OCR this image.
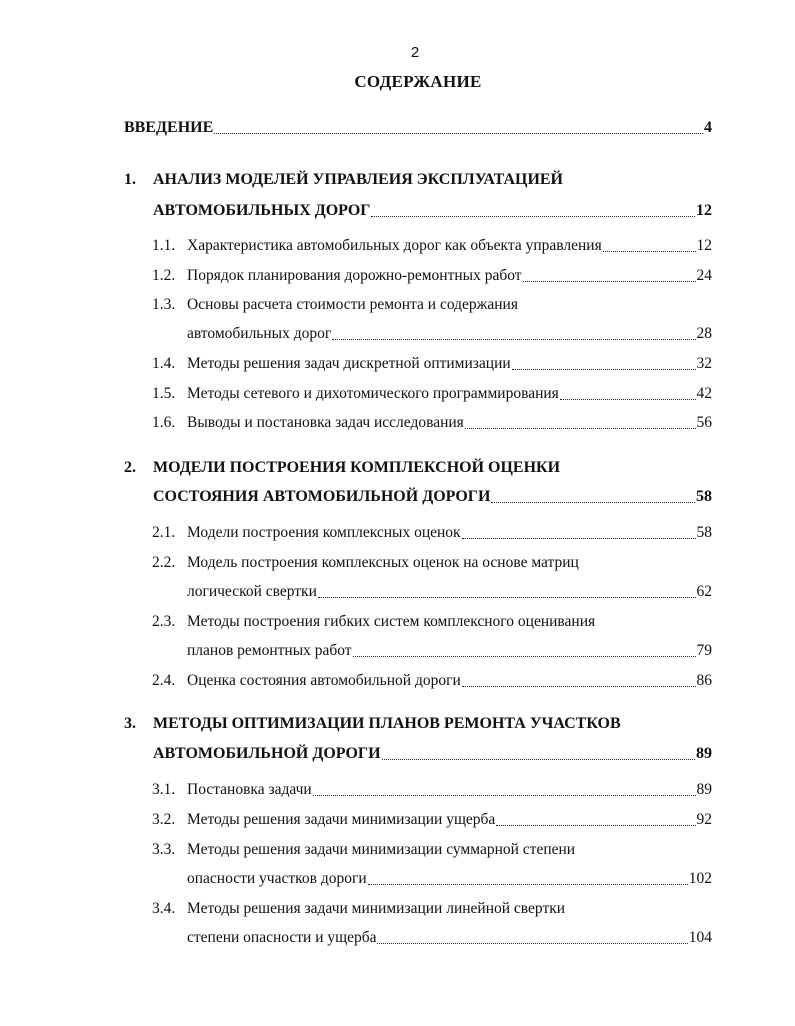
2
СОДЕРЖАНИЕ
ВВЕДЕНИЕ	4
1. АНАЛИЗ МОДЕЛЕЙ УПРАВЛЕИЯ ЭКСПЛУАТАЦИЕЙ
АВТОМОБИЛЬНЫХ ДОРОГ	12
1.1. Характеристика автомобильных дорог как объекта управления	12
1.2. Порядок планирования дорожно-ремонтных работ	24
1.3. Основы расчета стоимости ремонта и содержания
автомобильных дорог	28
1.4. Методы решения задач дискретной оптимизации	32
1.5. Методы сетевого и дихотомического программирования	42
1.6. Выводы и постановка задач исследования	56
2. МОДЕЛИ ПОСТРОЕНИЯ КОМПЛЕКСНОЙ ОЦЕНКИ
СОСТОЯНИЯ АВТОМОБИЛЬНОЙ ДОРОГИ	58
2.1. Модели построения комплексных оценок	58
2.2. Модель построения комплексных оценок на основе матриц
логической свертки	62
2.3. Методы построения гибких систем комплексного оценивания
планов ремонтных работ	79
2.4. Оценка состояния автомобильной дороги	86
3. МЕТОДЫ ОПТИМИЗАЦИИ ПЛАНОВ РЕМОНТА УЧАСТКОВ
АВТОМОБИЛЬНОЙ ДОРОГИ	89
3.1. Постановка задачи	89
3.2. Методы решения задачи минимизации ущерба	92
3.3. Методы решения задачи минимизации суммарной степени
опасности участков дороги	102
3.4. Методы решения задачи минимизации линейной свертки
степени опасности и ущерба	104
